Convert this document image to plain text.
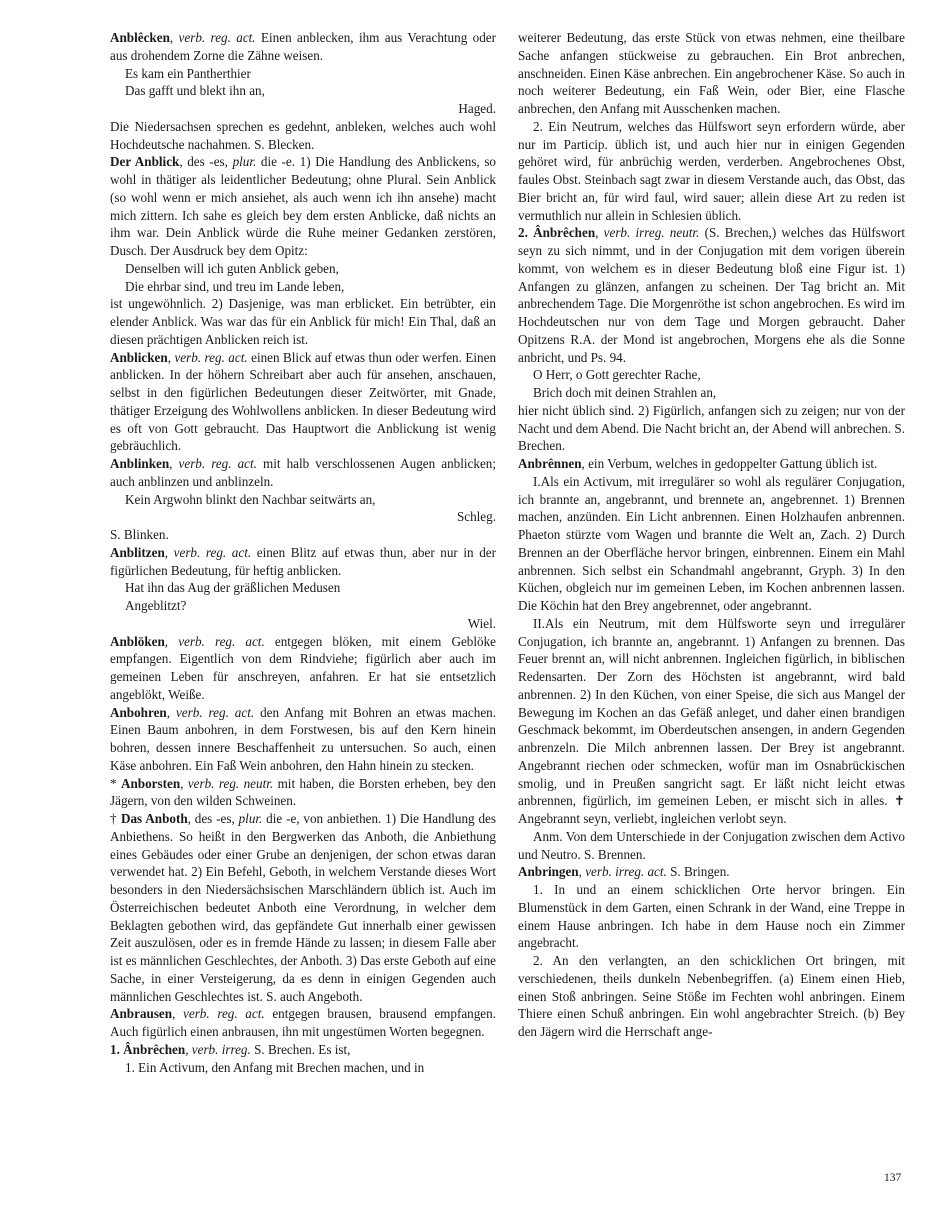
Anblêcken, verb. reg. act. Einen anblecken, ihm aus Verachtung oder aus drohendem Zorne die Zähne weisen.
Es kam ein Pantherthier
Das gafft und blekt ihn an,
Haged.
Die Niedersachsen sprechen es gedehnt, anbleken, welches auch wohl Hochdeutsche nachahmen. S. Blecken.
Der Anblick, des -es, plur. die -e. 1) Die Handlung des Anblickens, so wohl in thätiger als leidentlicher Bedeutung; ohne Plural. Sein Anblick (so wohl wenn er mich ansiehet, als auch wenn ich ihn ansehe) macht mich zittern. Ich sahe es gleich bey dem ersten Anblicke, daß nichts an ihm war. Dein Anblick würde die Ruhe meiner Gedanken zerstören, Dusch. Der Ausdruck bey dem Opitz:
Denselben will ich guten Anblick geben,
Die ehrbar sind, und treu im Lande leben,
ist ungewöhnlich. 2) Dasjenige, was man erblicket. Ein betrübter, ein elender Anblick. Was war das für ein Anblick für mich! Ein Thal, daß an diesen prächtigen Anblicken reich ist.
Anblicken, verb. reg. act. einen Blick auf etwas thun oder werfen. Einen anblicken. In der höhern Schreibart aber auch für ansehen, anschauen, selbst in den figürlichen Bedeutungen dieser Zeitwörter, mit Gnade, thätiger Erzeigung des Wohlwollens anblicken. In dieser Bedeutung wird es oft von Gott gebraucht. Das Hauptwort die Anblickung ist wenig gebräuchlich.
Anblinken, verb. reg. act. mit halb verschlossenen Augen anblicken; auch anblinzen und anblinzeln.
Kein Argwohn blinkt den Nachbar seitwärts an,
Schleg.
S. Blinken.
Anblitzen, verb. reg. act. einen Blitz auf etwas thun, aber nur in der figürlichen Bedeutung, für heftig anblicken.
Hat ihn das Aug der gräßlichen Medusen
Angeblitzt?
Wiel.
Anblöken, verb. reg. act. entgegen blöken, mit einem Geblöke empfangen. Eigentlich von dem Rindviehe; figürlich aber auch im gemeinen Leben für anschreyen, anfahren. Er hat sie entsetzlich angeblökt, Weiße.
Anbohren, verb. reg. act. den Anfang mit Bohren an etwas machen. Einen Baum anbohren, in dem Forstwesen, bis auf den Kern hinein bohren, dessen innere Beschaffenheit zu untersuchen. So auch, einen Käse anbohren. Ein Faß Wein anbohren, den Hahn hinein zu stecken.
* Anborsten, verb. reg. neutr. mit haben, die Borsten erheben, bey den Jägern, von den wilden Schweinen.
† Das Anboth, des -es, plur. die -e, von anbiethen. 1) Die Handlung des Anbiethens. So heißt in den Bergwerken das Anboth, die Anbiethung eines Gebäudes oder einer Grube an denjenigen, der schon etwas daran verwendet hat. 2) Ein Befehl, Geboth, in welchem Verstande dieses Wort besonders in den Niedersächsischen Marschländern üblich ist. Auch im Österreichischen bedeutet Anboth eine Verordnung, in welcher dem Beklagten gebothen wird, das gepfändete Gut innerhalb einer gewissen Zeit auszulösen, oder es in fremde Hände zu lassen; in diesem Falle aber ist es männlichen Geschlechtes, der Anboth. 3) Das erste Geboth auf eine Sache, in einer Versteigerung, da es denn in einigen Gegenden auch männlichen Geschlechtes ist. S. auch Angeboth.
Anbrausen, verb. reg. act. entgegen brausen, brausend empfangen. Auch figürlich einen anbrausen, ihn mit ungestümen Worten begegnen.
1. Ânbrêchen, verb. irreg. S. Brechen. Es ist,
1. Ein Activum, den Anfang mit Brechen machen, und in
weiterer Bedeutung, das erste Stück von etwas nehmen, eine theilbare Sache anfangen stückweise zu gebrauchen. Ein Brot anbrechen, anschneiden. Einen Käse anbrechen. Ein angebrochener Käse. So auch in noch weiterer Bedeutung, ein Faß Wein, oder Bier, eine Flasche anbrechen, den Anfang mit Ausschenken machen.
2. Ein Neutrum, welches das Hülfswort seyn erfordern würde, aber nur im Particip. üblich ist, und auch hier nur in einigen Gegenden gehöret wird, für anbrüchig werden, verderben. Angebrochenes Obst, faules Obst. Steinbach sagt zwar in diesem Verstande auch, das Obst, das Bier bricht an, für wird faul, wird sauer; allein diese Art zu reden ist vermuthlich nur allein in Schlesien üblich.
2. Ânbrêchen, verb. irreg. neutr. (S. Brechen,) welches das Hülfswort seyn zu sich nimmt, und in der Conjugation mit dem vorigen überein kommt, von welchem es in dieser Bedeutung bloß eine Figur ist. 1) Anfangen zu glänzen, anfangen zu scheinen. Der Tag bricht an. Mit anbrechendem Tage. Die Morgenröthe ist schon angebrochen. Es wird im Hochdeutschen nur von dem Tage und Morgen gebraucht. Daher Opitzens R.A. der Mond ist angebrochen, Morgens ehe als die Sonne anbricht, und Ps. 94.
O Herr, o Gott gerechter Rache,
Brich doch mit deinen Strahlen an,
hier nicht üblich sind. 2) Figürlich, anfangen sich zu zeigen; nur von der Nacht und dem Abend. Die Nacht bricht an, der Abend will anbrechen. S. Brechen.
Anbrênnen, ein Verbum, welches in gedoppelter Gattung üblich ist.
I.Als ein Activum, mit irregulärer so wohl als regulärer Conjugation, ich brannte an, angebrannt, und brennete an, angebrennet. 1) Brennen machen, anzünden. Ein Licht anbrennen. Einen Holzhaufen anbrennen. Phaeton stürzte vom Wagen und brannte die Welt an, Zach. 2) Durch Brennen an der Oberfläche hervor bringen, einbrennen. Einem ein Mahl anbrennen. Sich selbst ein Schandmahl angebrannt, Gryph. 3) In den Küchen, obgleich nur im gemeinen Leben, im Kochen anbrennen lassen. Die Köchin hat den Brey angebrennet, oder angebrannt.
II.Als ein Neutrum, mit dem Hülfsworte seyn und irregulärer Conjugation, ich brannte an, angebrannt. 1) Anfangen zu brennen. Das Feuer brennt an, will nicht anbrennen. Ingleichen figürlich, in biblischen Redensarten. Der Zorn des Höchsten ist angebrannt, wird bald anbrennen. 2) In den Küchen, von einer Speise, die sich aus Mangel der Bewegung im Kochen an das Gefäß anleget, und daher einen brandigen Geschmack bekommt, im Oberdeutschen ansengen, in andern Gegenden anbrenzeln. Die Milch anbrennen lassen. Der Brey ist angebrannt. Angebrannt riechen oder schmecken, wofür man im Osnabrückischen smolig, und in Preußen sangricht sagt. Er läßt nicht leicht etwas anbrennen, figürlich, im gemeinen Leben, er mischt sich in alles. ✝ Angebrannt seyn, verliebt, ingleichen verlobt seyn.
Anm. Von dem Unterschiede in der Conjugation zwischen dem Activo und Neutro. S. Brennen.
Anbringen, verb. irreg. act. S. Bringen.
1. In und an einem schicklichen Orte hervor bringen. Ein Blumenstück in dem Garten, einen Schrank in der Wand, eine Treppe in einem Hause anbringen. Ich habe in dem Hause noch ein Zimmer angebracht.
2. An den verlangten, an den schicklichen Ort bringen, mit verschiedenen, theils dunkeln Nebenbegriffen. (a) Einem einen Hieb, einen Stoß anbringen. Seine Stöße im Fechten wohl anbringen. Einem Thiere einen Schuß anbringen. Ein wohl angebrachter Streich. (b) Bey den Jägern wird die Herrschaft ange-
137
